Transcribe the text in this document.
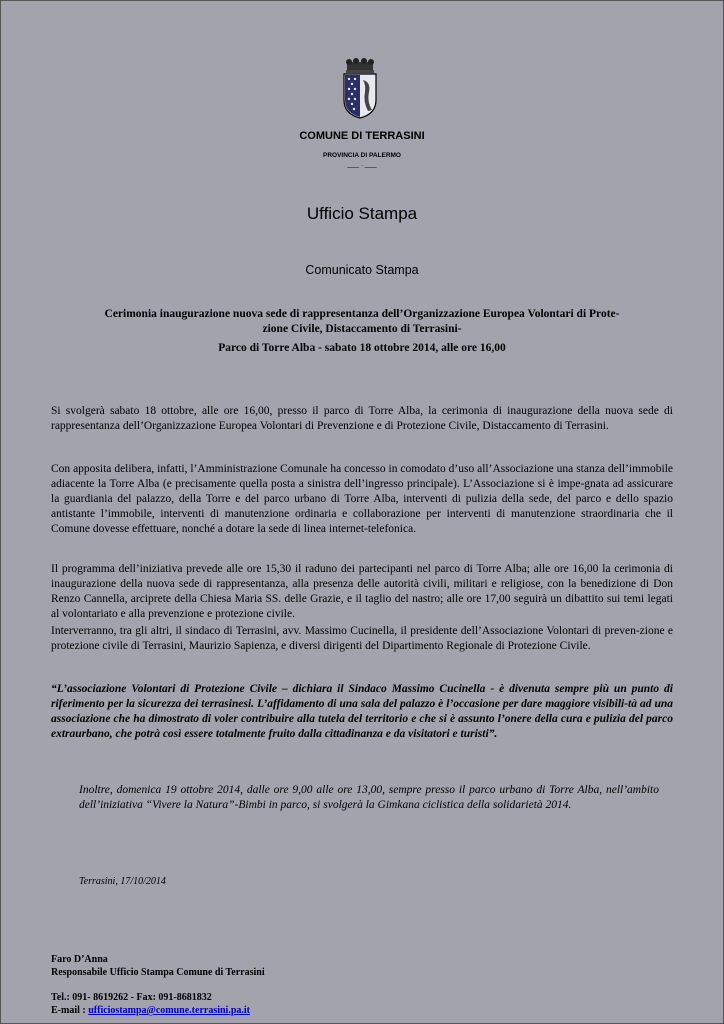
COMUNE DI TERRASINI
PROVINCIA DI PALERMO
___ . ___
Ufficio Stampa
Comunicato Stampa
Cerimonia inaugurazione nuova sede di rappresentanza dell’Organizzazione Europea Volontari di Prote-
zione Civile, Distaccamento di Terrasini-
Parco di Torre Alba - sabato 18 ottobre 2014, alle ore 16,00

Si svolgerà sabato 18 ottobre, alle ore 16,00, presso il parco di Torre Alba, la cerimonia di inaugurazione della nuova sede di rappresentanza dell’Organizzazione Europea Volontari di Prevenzione e di Protezione Civile, Distaccamento di Terrasini.

Con apposita delibera, infatti, l’Amministrazione Comunale ha concesso in comodato d’uso all’Associazione una stanza dell’immobile adiacente la Torre Alba (e precisamente quella posta a sinistra dell’ingresso principale). L’Associazione si è impe-gnata ad assicurare la guardiania del palazzo, della Torre e del parco urbano di Torre Alba, interventi di pulizia della sede, del parco e dello spazio antistante l’immobile, interventi di manutenzione ordinaria e collaborazione per interventi di manutenzione straordinaria che il Comune dovesse effettuare, nonché a dotare la sede di linea internet-telefonica.

Il programma dell’iniziativa prevede alle ore 15,30 il raduno dei partecipanti nel parco di Torre Alba; alle ore 16,00 la cerimonia di inaugurazione della nuova sede di rappresentanza, alla presenza delle autorità civili, militari e religiose, con la benedizione di Don Renzo Cannella, arciprete della Chiesa Maria SS. delle Grazie, e il taglio del nastro; alle ore 17,00 seguirà un dibattito sui temi legati al volontariato e alla prevenzione e protezione civile.

Interverranno, tra gli altri, il sindaco di Terrasini, avv. Massimo Cucinella, il presidente dell’Associazione Volontari di preven-zione e protezione civile di Terrasini, Maurizio Sapienza, e diversi dirigenti del Dipartimento Regionale di Protezione Civile.

“L’associazione Volontari di Protezione Civile – dichiara il Sindaco Massimo Cucinella - è divenuta sempre più un punto di riferimento per la sicurezza dei terrasinesi. L’affidamento di una sala del palazzo è l’occasione per dare maggiore visibili-tà ad una associazione che ha dimostrato di voler contribuire alla tutela del territorio e che si è assunto l’onere della cura e pulizia del parco extraurbano, che potrà così essere totalmente fruito dalla cittadinanza e da visitatori e turisti”.

Inoltre, domenica 19 ottobre 2014, dalle ore 9,00 alle ore 13,00, sempre presso il parco urbano di Torre Alba, nell’ambito dell’iniziativa “Vivere la Natura”-Bimbi in parco, si svolgerà la Gimkana ciclistica della solidarietà 2014.

Terrasini, 17/10/2014
Faro D’Anna
Responsabile Ufficio Stampa Comune di Terrasini
Tel.: 091- 8619262 - Fax: 091-8681832
E-mail : ufficiostampa@comune.terrasini.pa.it
